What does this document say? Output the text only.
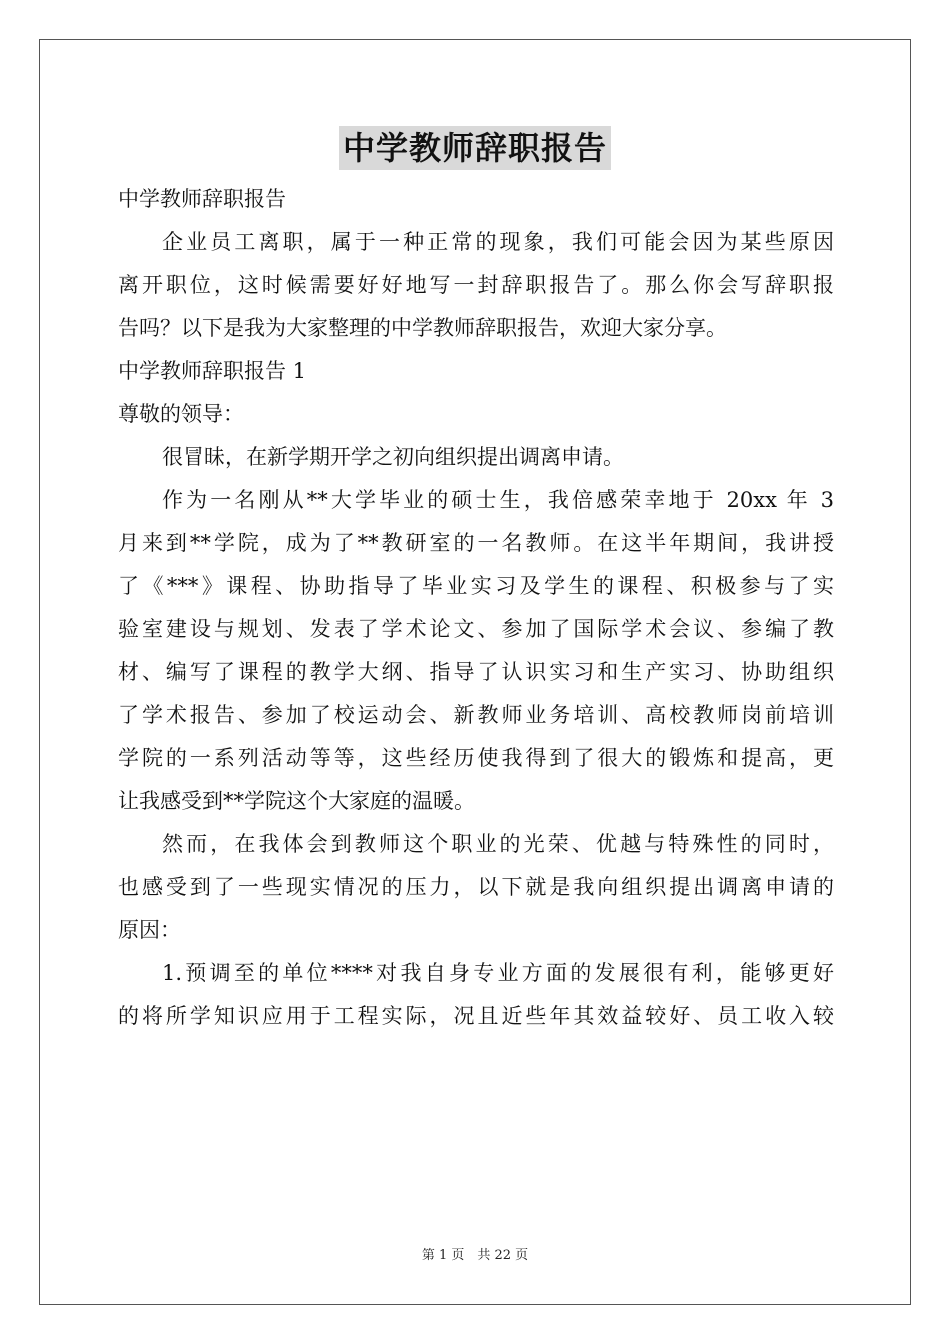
中学教师辞职报告
中学教师辞职报告
企业员工离职，属于一种正常的现象，我们可能会因为某些原因
离开职位，这时候需要好好地写一封辞职报告了。那么你会写辞职报
告吗？以下是我为大家整理的中学教师辞职报告，欢迎大家分享。
中学教师辞职报告 1
尊敬的领导：
很冒昧，在新学期开学之初向组织提出调离申请。
作为一名刚从**大学毕业的硕士生，我倍感荣幸地于 20xx 年 3
月来到**学院，成为了**教研室的一名教师。在这半年期间，我讲授
了《***》课程、协助指导了毕业实习及学生的课程、积极参与了实
验室建设与规划、发表了学术论文、参加了国际学术会议、参编了教
材、编写了课程的教学大纲、指导了认识实习和生产实习、协助组织
了学术报告、参加了校运动会、新教师业务培训、高校教师岗前培训
学院的一系列活动等等，这些经历使我得到了很大的锻炼和提高，更
让我感受到**学院这个大家庭的温暖。
然而，在我体会到教师这个职业的光荣、优越与特殊性的同时，
也感受到了一些现实情况的压力，以下就是我向组织提出调离申请的
原因：
1.预调至的单位****对我自身专业方面的发展很有利，能够更好
的将所学知识应用于工程实际，况且近些年其效益较好、员工收入较

第 1 页　共 22 页
